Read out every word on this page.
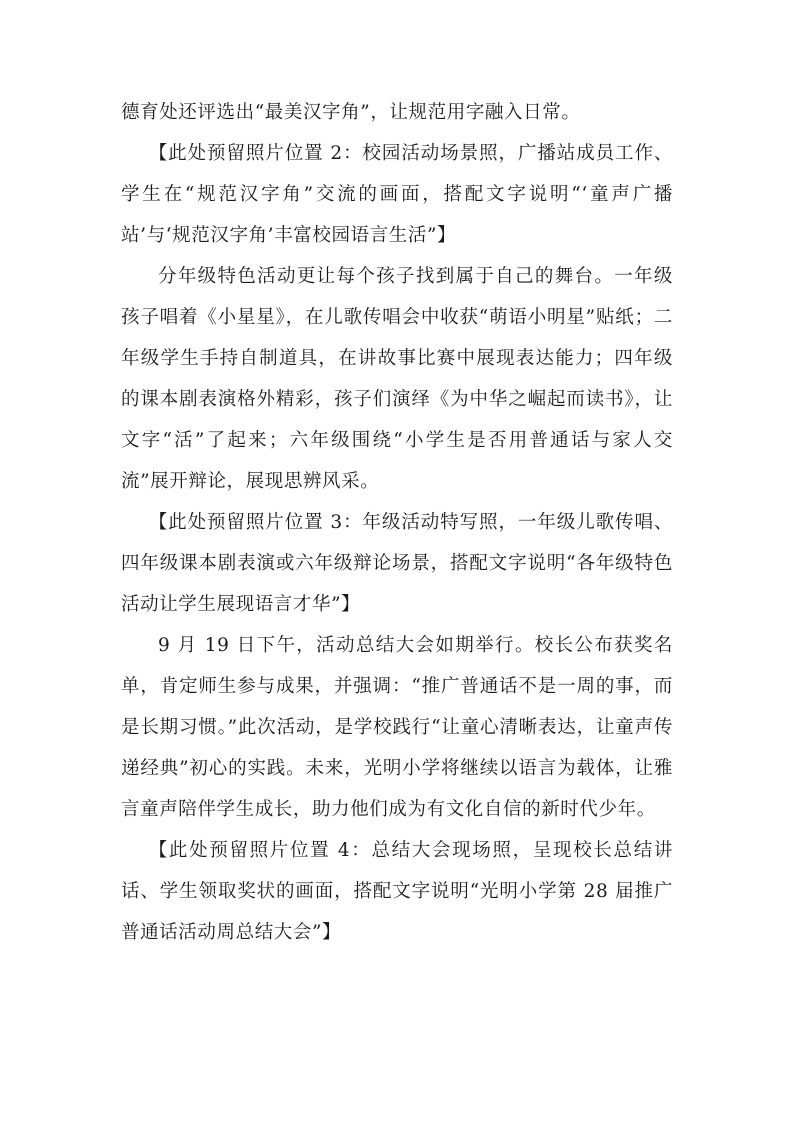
德育处还评选出“最美汉字角”，让规范用字融入日常。

【此处预留照片位置 2：校园活动场景照，广播站成员工作、学生在“规范汉字角”交流的画面，搭配文字说明“‘童声广播站’与‘规范汉字角’丰富校园语言生活”】

分年级特色活动更让每个孩子找到属于自己的舞台。一年级孩子唱着《小星星》，在儿歌传唱会中收获“萌语小明星”贴纸；二年级学生手持自制道具，在讲故事比赛中展现表达能力；四年级的课本剧表演格外精彩，孩子们演绎《为中华之崛起而读书》，让文字“活”了起来；六年级围绕“小学生是否用普通话与家人交流”展开辩论，展现思辨风采。

【此处预留照片位置 3：年级活动特写照，一年级儿歌传唱、四年级课本剧表演或六年级辩论场景，搭配文字说明“各年级特色活动让学生展现语言才华”】

9 月 19 日下午，活动总结大会如期举行。校长公布获奖名单，肯定师生参与成果，并强调：“推广普通话不是一周的事，而是长期习惯。”此次活动，是学校践行“让童心清晰表达，让童声传递经典”初心的实践。未来，光明小学将继续以语言为载体，让雅言童声陪伴学生成长，助力他们成为有文化自信的新时代少年。

【此处预留照片位置 4：总结大会现场照，呈现校长总结讲话、学生领取奖状的画面，搭配文字说明“光明小学第 28 届推广普通话活动周总结大会”】
